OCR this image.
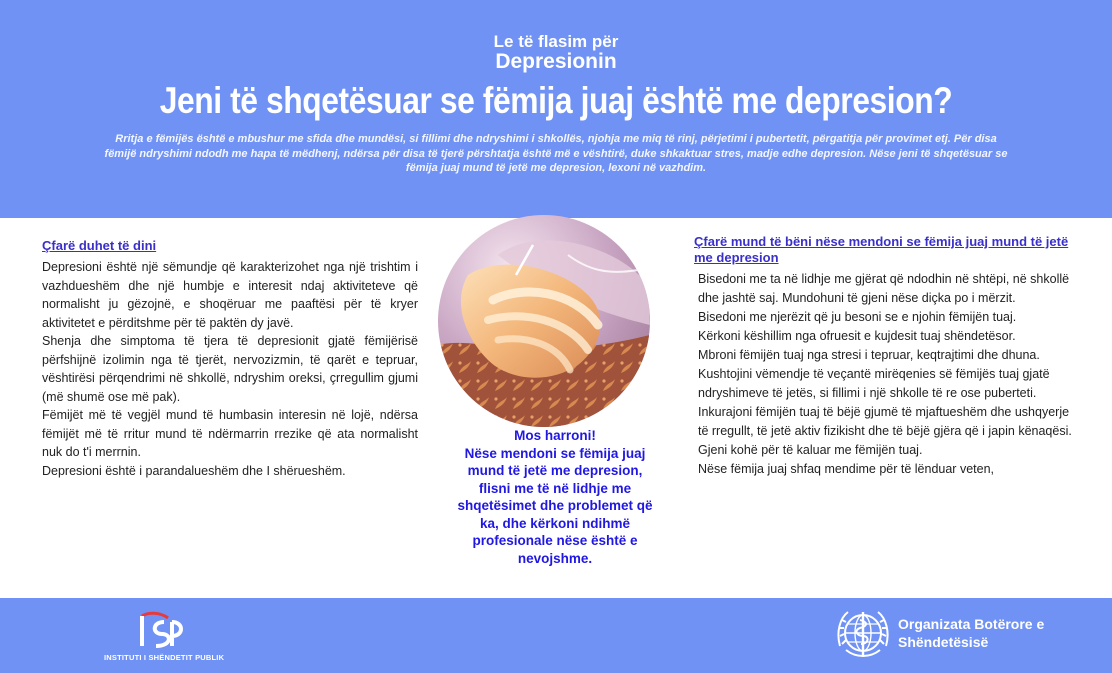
Le të flasim për
Depresionin
Jeni të shqetësuar se fëmija juaj është me depresion?
Rritja e fëmijës është e mbushur me sfida dhe mundësi, si fillimi dhe ndryshimi i shkollës, njohja me miq të rinj, përjetimi i pubertetit, përgatitja për provimet etj. Për disa fëmijë ndryshimi ndodh me hapa të mëdhenj, ndërsa për disa të tjerë përshtatja është më e vështirë, duke shkaktuar stres, madje edhe depresion. Nëse jeni të shqetësuar se fëmija juaj mund të jetë me depresion, lexoni në vazhdim.
Çfarë duhet të dini

Depresioni është një sëmundje që karakterizohet nga një trishtim i vazhdueshëm dhe një humbje e interesit ndaj aktiviteteve që normalisht ju gëzojnë, e shoqëruar me paaftësi për të kryer aktivitetet e përditshme për të paktën dy javë.

Shenja dhe simptoma të tjera të depresionit gjatë fëmijërisë përfshijnë izolimin nga të tjerët, nervozizmin, të qarët e tepruar, vështirësi përqendrimi në shkollë, ndryshim oreksi, çrregullim gjumi (më shumë ose më pak).

Fëmijët më të vegjël mund të humbasin interesin në lojë, ndërsa fëmijët më të rritur mund të ndërmarrin rrezike që ata normalisht nuk do t'i merrnin.

Depresioni është i parandalueshëm dhe I shërueshëm.

Mos harroni!
Nëse mendoni se fëmija juaj mund të jetë me depresion, flisni me të në lidhje me shqetësimet dhe problemet që ka, dhe kërkoni ndihmë profesionale nëse është e nevojshme.
Çfarë mund të bëni nëse mendoni se fëmija juaj mund të jetë me depresion
Bisedoni me ta në lidhje me gjërat që ndodhin në shtëpi, në shkollë dhe jashtë saj. Mundohuni të gjeni nëse diçka po i mërzit.
Bisedoni me njerëzit që ju besoni se e njohin fëmijën tuaj.
Kërkoni këshillim nga ofruesit e kujdesit tuaj shëndetësor.
Mbroni fëmijën tuaj nga stresi i tepruar, keqtrajtimi dhe dhuna.
Kushtojini vëmendje të veçantë mirëqenies së fëmijës tuaj gjatë ndryshimeve të jetës, si fillimi i një shkolle të re ose puberteti.
Inkurajoni fëmijën tuaj të bëjë gjumë të mjaftueshëm dhe ushqyerje të rregullt, të jetë aktiv fizikisht dhe të bëjë gjëra që i japin kënaqësi.
Gjeni kohë për të kaluar me fëmijën tuaj.
Nëse fëmija juaj shfaq mendime për të lënduar veten,
INSTITUTI I SHËNDETIT PUBLIK
Organizata Botërore e Shëndetësisë
